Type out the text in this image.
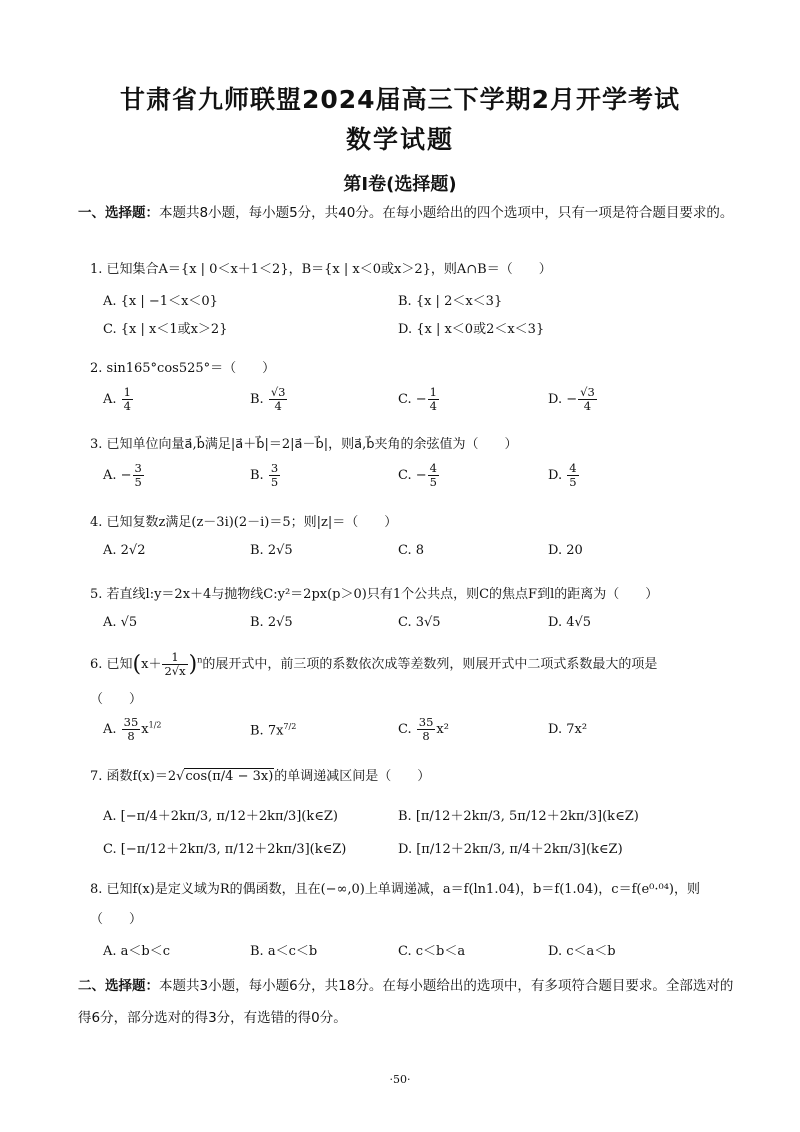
甘肃省九师联盟2024届高三下学期2月开学考试
数学试题
第Ⅰ卷(选择题)
一、选择题：本题共8小题，每小题5分，共40分。在每小题给出的四个选项中，只有一项是符合题目要求的。
1. 已知集合A＝{x | 0＜x＋1＜2}，B＝{x | x＜0或x＞2}，则A∩B＝（　　）
A. {x | −1＜x＜0}	B. {x | 2＜x＜3}
C. {x | x＜1或x＞2}	D. {x | x＜0或2＜x＜3}
2. sin165°cos525°＝（　　）
A. $\frac{1}{4}$	B. $\frac{√3}{4}$	C. − $\frac{1}{4}$	D. − $\frac{√3}{4}$
3. 已知单位向量a⃗,b⃗满足|a⃗＋b⃗|＝2|a⃗－b⃗|，则a⃗,b⃗夹角的余弦值为（　　）
A. − $\frac{3}{5}$	B. $\frac{3}{5}$	C. − $\frac{4}{5}$	D. $\frac{4}{5}$
4. 已知复数z满足(z－3i)(2－i)＝5；则|z|＝（　　）
A. 2√2	B. 2√5	C. 8	D. 20
5. 若直线l:y＝2x＋4与抛物线C:y²＝2px(p＞0)只有1个公共点，则C的焦点F到l的距离为（　　）
A. √5	B. 2√5	C. 3√5	D. 4√5
6. 已知$(x+ \frac{1}{2√x} )^n$的展开式中，前三项的系数依次成等差数列，则展开式中二项式系数最大的项是
（　　）
A. $\frac{35}{8} x^{1/2}$	B. $7x^{7/2}$	C. $\frac{35}{8} x^2$	D. 7x²
7. 函数f(x)＝2√cos(π/4 − 3x)的单调递减区间是（　　）
A. [−π/4＋2kπ/3, π/12＋2kπ/3](k∈Z)	B. [π/12＋2kπ/3, 5π/12＋2kπ/3](k∈Z)
C. [−π/12＋2kπ/3, π/12＋2kπ/3](k∈Z)	D. [π/12＋2kπ/3, π/4＋2kπ/3](k∈Z)
8. 已知f(x)是定义域为R的偶函数，且在(−∞,0)上单调递减，a＝f(ln1.04)，b＝f(1.04)，c＝f(e⁰·⁰⁴)，则
（　　）
A. a＜b＜c	B. a＜c＜b	C. c＜b＜a	D. c＜a＜b
二、选择题：本题共3小题，每小题6分，共18分。在每小题给出的选项中，有多项符合题目要求。全部选对的得6分，部分选对的得3分，有选错的得0分。
·50·
